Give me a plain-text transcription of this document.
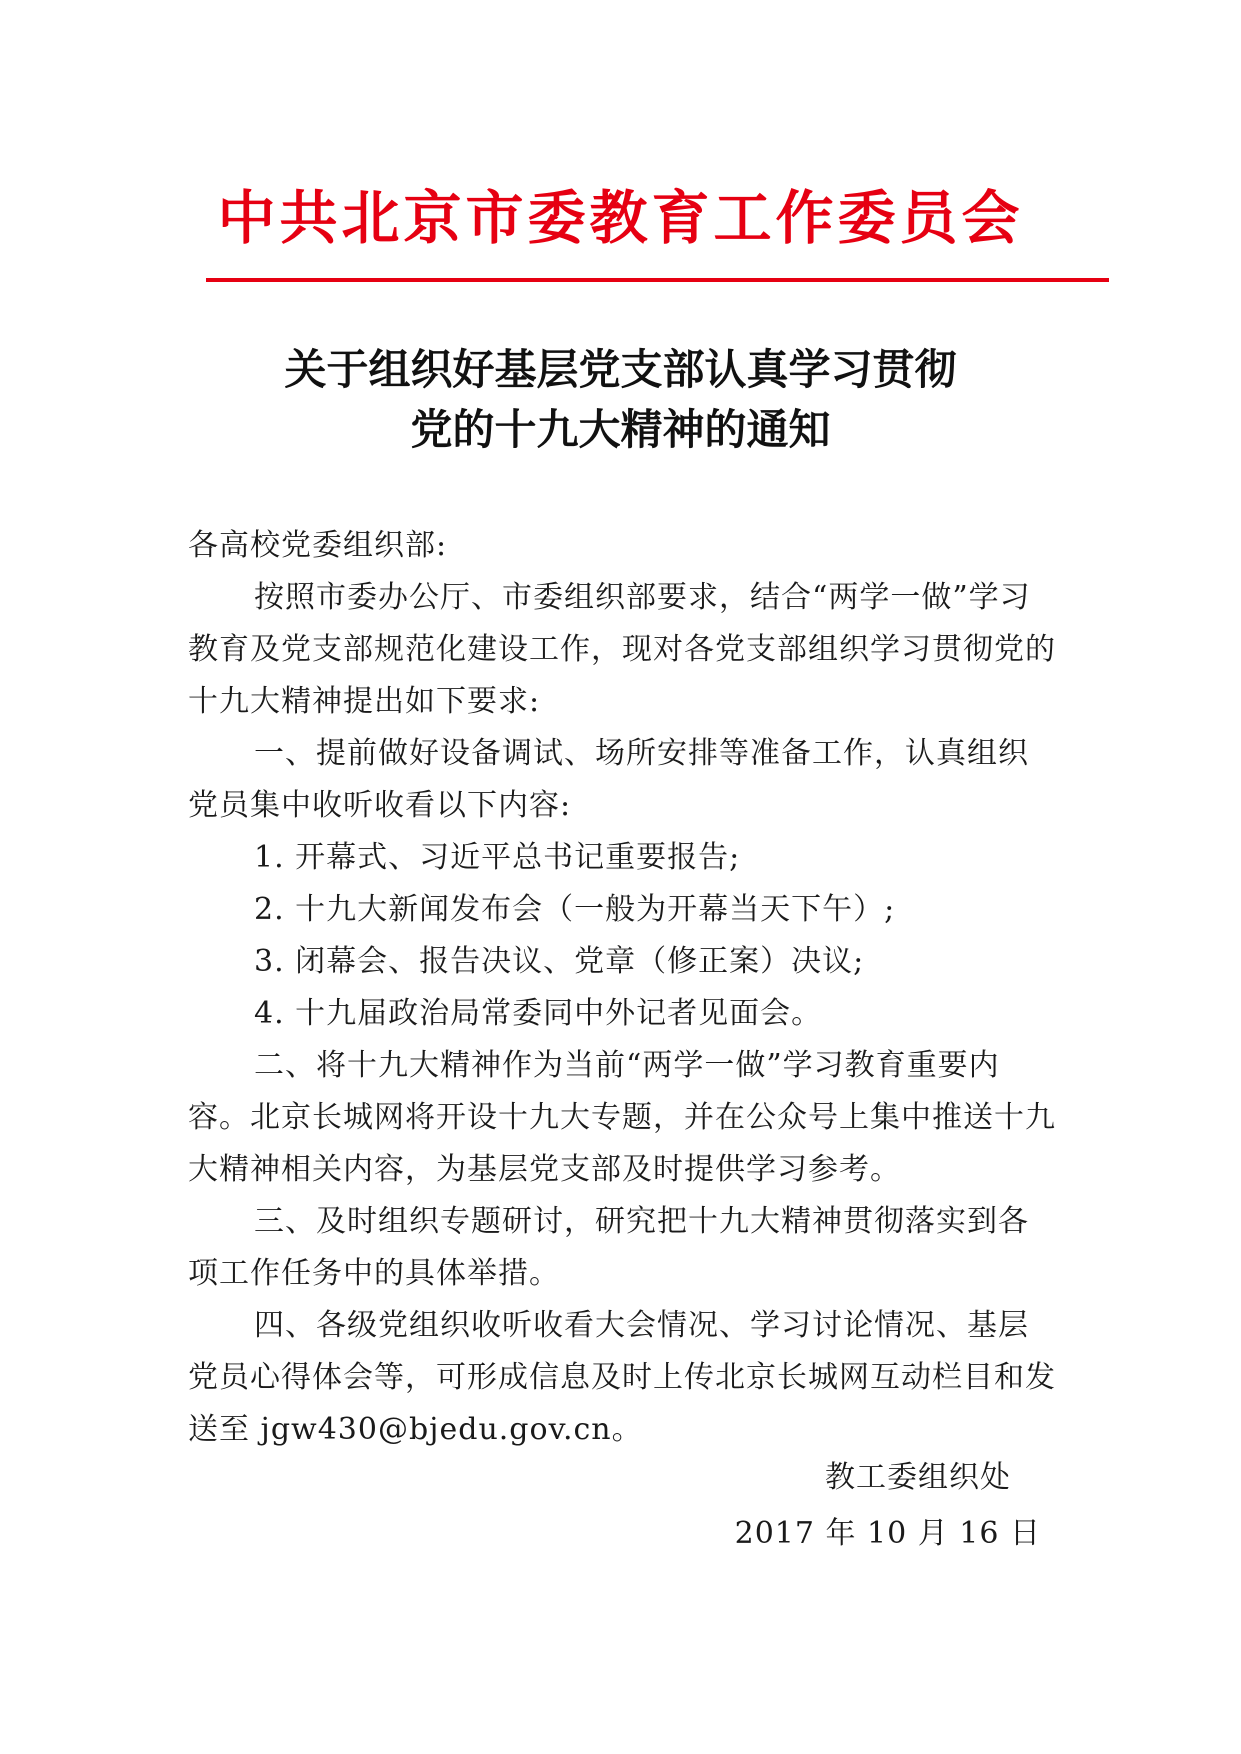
中共北京市委教育工作委员会
关于组织好基层党支部认真学习贯彻
党的十九大精神的通知

各高校党委组织部:

按照市委办公厅、市委组织部要求，结合“两学一做”学习教育及党支部规范化建设工作，现对各党支部组织学习贯彻党的十九大精神提出如下要求:

一、提前做好设备调试、场所安排等准备工作，认真组织党员集中收听收看以下内容:

1. 开幕式、习近平总书记重要报告;

2. 十九大新闻发布会（一般为开幕当天下午）;

3. 闭幕会、报告决议、党章（修正案）决议;

4. 十九届政治局常委同中外记者见面会。

二、将十九大精神作为当前“两学一做”学习教育重要内容。北京长城网将开设十九大专题，并在公众号上集中推送十九大精神相关内容，为基层党支部及时提供学习参考。

三、及时组织专题研讨，研究把十九大精神贯彻落实到各项工作任务中的具体举措。

四、各级党组织收听收看大会情况、学习讨论情况、基层党员心得体会等，可形成信息及时上传北京长城网互动栏目和发送至 jgw430@bjedu.gov.cn。

教工委组织处
2017 年 10 月 16 日
